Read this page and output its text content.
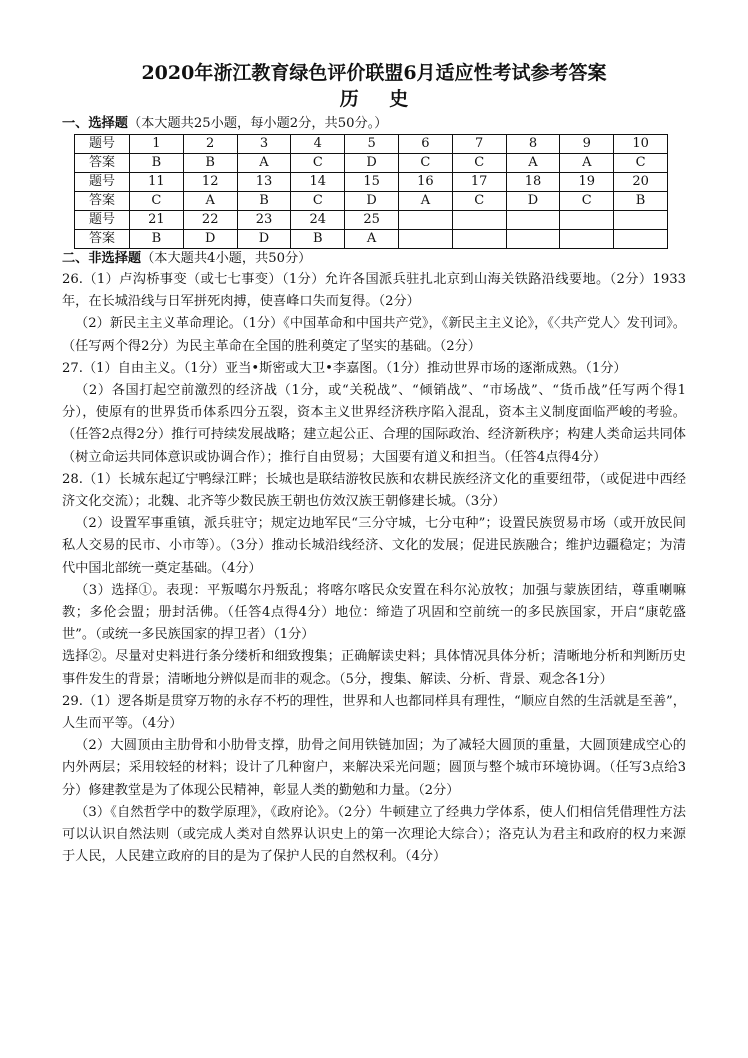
2020年浙江教育绿色评价联盟6月适应性考试参考答案
历 史

一、选择题（本大题共25小题，每小题2分，共50分。）

题号	1	2	3	4	5	6	7	8	9	10
答案	B	B	A	C	D	C	C	A	A	C
题号	11	12	13	14	15	16	17	18	19	20
答案	C	A	B	C	D	A	C	D	C	B
题号	21	22	23	24	25					
答案	B	D	D	B	A					

二、非选择题（本大题共4小题，共50分）

26.（1）卢沟桥事变（或七七事变）（1分）允许各国派兵驻扎北京到山海关铁路沿线要地。（2分）1933年，在长城沿线与日军拼死肉搏，使喜峰口失而复得。（2分）

（2）新民主主义革命理论。（1分）《中国革命和中国共产党》，《新民主主义论》，《〈共产党人〉发刊词》。（任写两个得2分）为民主革命在全国的胜利奠定了坚实的基础。（2分）

27.（1）自由主义。（1分）亚当•斯密或大卫•李嘉图。（1分）推动世界市场的逐渐成熟。（1分）

（2）各国打起空前激烈的经济战（1分，或“关税战”、“倾销战”、“市场战”、“货币战”任写两个得1分），使原有的世界货币体系四分五裂，资本主义世界经济秩序陷入混乱，资本主义制度面临严峻的考验。（任答2点得2分）推行可持续发展战略；建立起公正、合理的国际政治、经济新秩序；构建人类命运共同体（树立命运共同体意识或协调合作）；推行自由贸易；大国要有道义和担当。（任答4点得4分）

28.（1）长城东起辽宁鸭绿江畔；长城也是联结游牧民族和农耕民族经济文化的重要纽带，（或促进中西经济文化交流）；北魏、北齐等少数民族王朝也仿效汉族王朝修建长城。（3分）

（2）设置军事重镇，派兵驻守；规定边地军民“三分守城，七分屯种”；设置民族贸易市场（或开放民间私人交易的民市、小市等）。（3分）推动长城沿线经济、文化的发展；促进民族融合；维护边疆稳定；为清代中国北部统一奠定基础。（4分）

（3）选择①。表现：平叛噶尔丹叛乱；将喀尔喀民众安置在科尔沁放牧；加强与蒙族团结，尊重喇嘛教；多伦会盟；册封活佛。（任答4点得4分）地位：缔造了巩固和空前统一的多民族国家，开启“康乾盛世”。（或统一多民族国家的捍卫者）（1分）

选择②。尽量对史料进行条分缕析和细致搜集；正确解读史料；具体情况具体分析；清晰地分析和判断历史事件发生的背景；清晰地分辨似是而非的观念。（5分，搜集、解读、分析、背景、观念各1分）

29.（1）逻各斯是贯穿万物的永存不朽的理性，世界和人也都同样具有理性，“顺应自然的生活就是至善”，人生而平等。（4分）

（2）大圆顶由主肋骨和小肋骨支撑，肋骨之间用铁链加固；为了减轻大圆顶的重量，大圆顶建成空心的内外两层；采用较轻的材料；设计了几种窗户，来解决采光问题；圆顶与整个城市环境协调。（任写3点给3分）修建教堂是为了体现公民精神，彰显人类的勤勉和力量。（2分）

（3）《自然哲学中的数学原理》，《政府论》。（2分）牛顿建立了经典力学体系，使人们相信凭借理性方法可以认识自然法则（或完成人类对自然界认识史上的第一次理论大综合）；洛克认为君主和政府的权力来源于人民，人民建立政府的目的是为了保护人民的自然权利。（4分）
